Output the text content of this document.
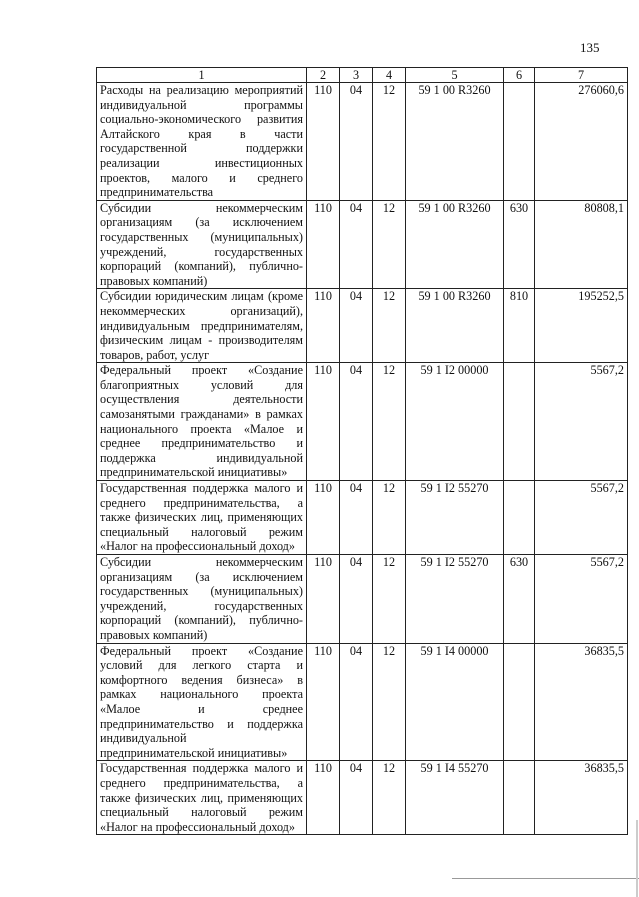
135
1	2	3	4	5	6	7
Расходы на реализацию мероприятий индивидуальной программы социально-экономического развития Алтайского края в части государственной поддержки реализации инвестиционных проектов, малого и среднего предпринимательства	110	04	12	59 1 00 R3260		276060,6
Субсидии некоммерческим организациям (за исключением государственных (муниципальных) учреждений, государственных корпораций (компаний), публично-правовых компаний)	110	04	12	59 1 00 R3260	630	80808,1
Субсидии юридическим лицам (кроме некоммерческих организаций), индивидуальным предпринимателям, физическим лицам - производителям товаров, работ, услуг	110	04	12	59 1 00 R3260	810	195252,5
Федеральный проект «Создание благоприятных условий для осуществления деятельности самозанятыми гражданами» в рамках национального проекта «Малое и среднее предпринимательство и поддержка индивидуальной предпринимательской инициативы»	110	04	12	59 1 I2 00000		5567,2
Государственная поддержка малого и среднего предпринимательства, а также физических лиц, применяющих специальный налоговый режим «Налог на профессиональный доход»	110	04	12	59 1 I2 55270		5567,2
Субсидии некоммерческим организациям (за исключением государственных (муниципальных) учреждений, государственных корпораций (компаний), публично-правовых компаний)	110	04	12	59 1 I2 55270	630	5567,2
Федеральный проект «Создание условий для легкого старта и комфортного ведения бизнеса» в рамках национального проекта «Малое и среднее предпринимательство и поддержка индивидуальной предпринимательской инициативы»	110	04	12	59 1 I4 00000		36835,5
Государственная поддержка малого и среднего предпринимательства, а также физических лиц, применяющих специальный налоговый режим «Налог на профессиональный доход»	110	04	12	59 1 I4 55270		36835,5
